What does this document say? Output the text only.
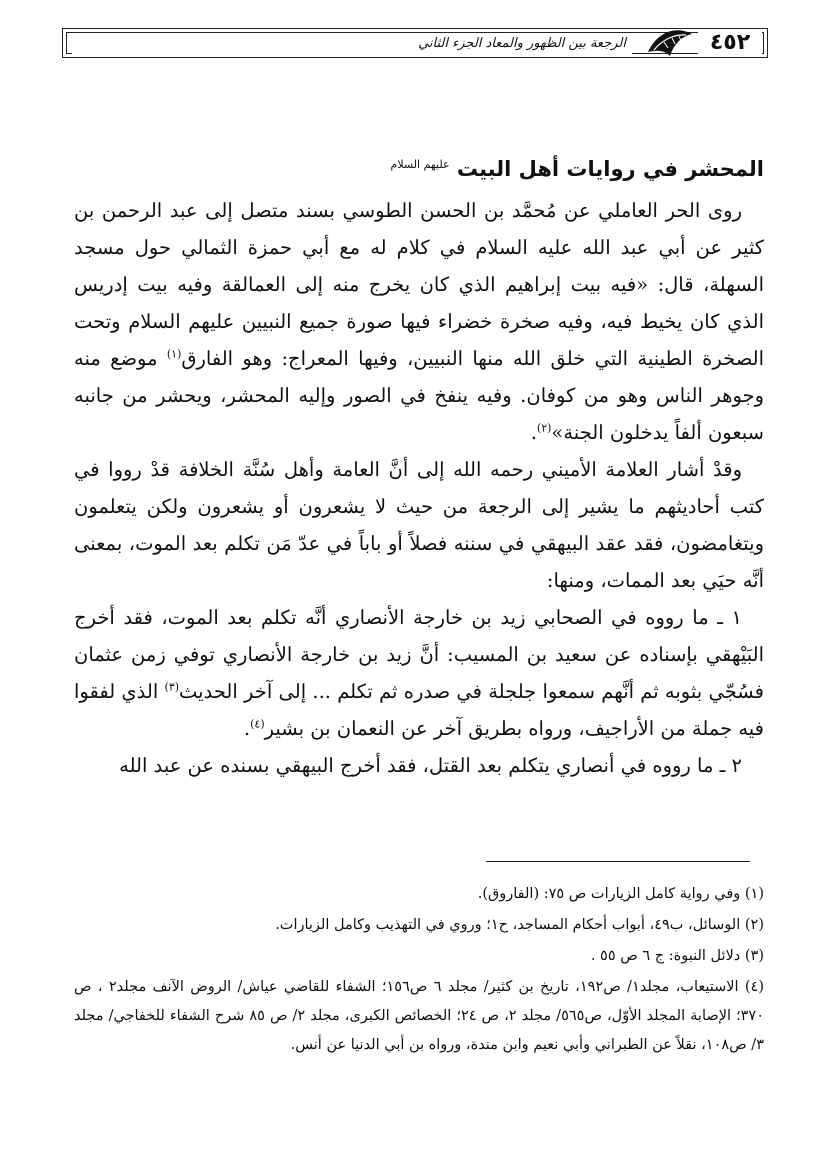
٤٥٢
الرجعة بين الظهور والمعاد الجزء الثاني
المحشر في روايات أهل البيت $^{عليهم السلام}$

روى الحر العاملي عن مُحمَّد بن الحسن الطوسي بسند متصل إلى عبد الرحمن بن كثير عن أبي عبد الله عليه السلام في كلام له مع أبي حمزة الثمالي حول مسجد السهلة، قال: «فيه بيت إبراهيم الذي كان يخرج منه إلى العمالقة وفيه بيت إدريس الذي كان يخيط فيه، وفيه صخرة خضراء فيها صورة جميع النبيين عليهم السلام وتحت الصخرة الطينية التي خلق الله منها النبيين، وفيها المعراج: وهو الفارق$^{(١)}$ موضع منه وجوهر الناس وهو من كوفان. وفيه ينفخ في الصور وإليه المحشر، ويحشر من جانبه سبعون ألفاً يدخلون الجنة»$^{(٢)}$.

وقدْ أشار العلامة الأميني رحمه الله إلى أنَّ العامة وأهل سُنَّة الخلافة قدْ رووا في كتب أحاديثهم ما يشير إلى الرجعة من حيث لا يشعرون أو يشعرون ولكن يتعلمون ويتغامضون، فقد عقد البيهقي في سننه فصلاً أو باباً في عدّ مَن تكلم بعد الموت، بمعنى أنَّه حيَي بعد الممات، ومنها:

١ ـ ما رووه في الصحابي زيد بن خارجة الأنصاري أنَّه تكلم بعد الموت، فقد أخرج البَيْهقي بإسناده عن سعيد بن المسيب: أنَّ زيد بن خارجة الأنصاري توفي زمن عثمان فسُجّي بثوبه ثم أنَّهم سمعوا جلجلة في صدره ثم تكلم ... إلى آخر الحديث$^{(٣)}$ الذي لفقوا فيه جملة من الأراجيف، ورواه بطريق آخر عن النعمان بن بشير$^{(٤)}$.

٢ ـ ما رووه في أنصاري يتكلم بعد القتل، فقد أخرج البيهقي بسنده عن عبد الله

(١) وفي رواية كامل الزيارات ص ٧٥: (الفاروق).

(٢) الوسائل، ب٤٩، أبواب أحكام المساجد، ح١؛ وروي في التهذيب وكامل الزيارات.

(٣) دلائل النبوة: ج ٦ ص ٥٥ .

(٤) الاستيعاب، مجلد١/ ص١٩٢، تاريخ بن كثير/ مجلد ٦ ص١٥٦؛ الشفاء للقاضي عياش/ الروض الآنف مجلد٢ ، ص ٣٧٠؛ الإصابة المجلد الأوّل، ص٥٦٥/ مجلد ٢، ص ٢٤؛ الخصائص الكبرى، مجلد ٢/ ص ٨٥ شرح الشفاء للخفاجي/ مجلد ٣/ ص١٠٨، نقلاً عن الطبراني وأبي نعيم وابن مندة، ورواه بن أبي الدنيا عن أنس.
